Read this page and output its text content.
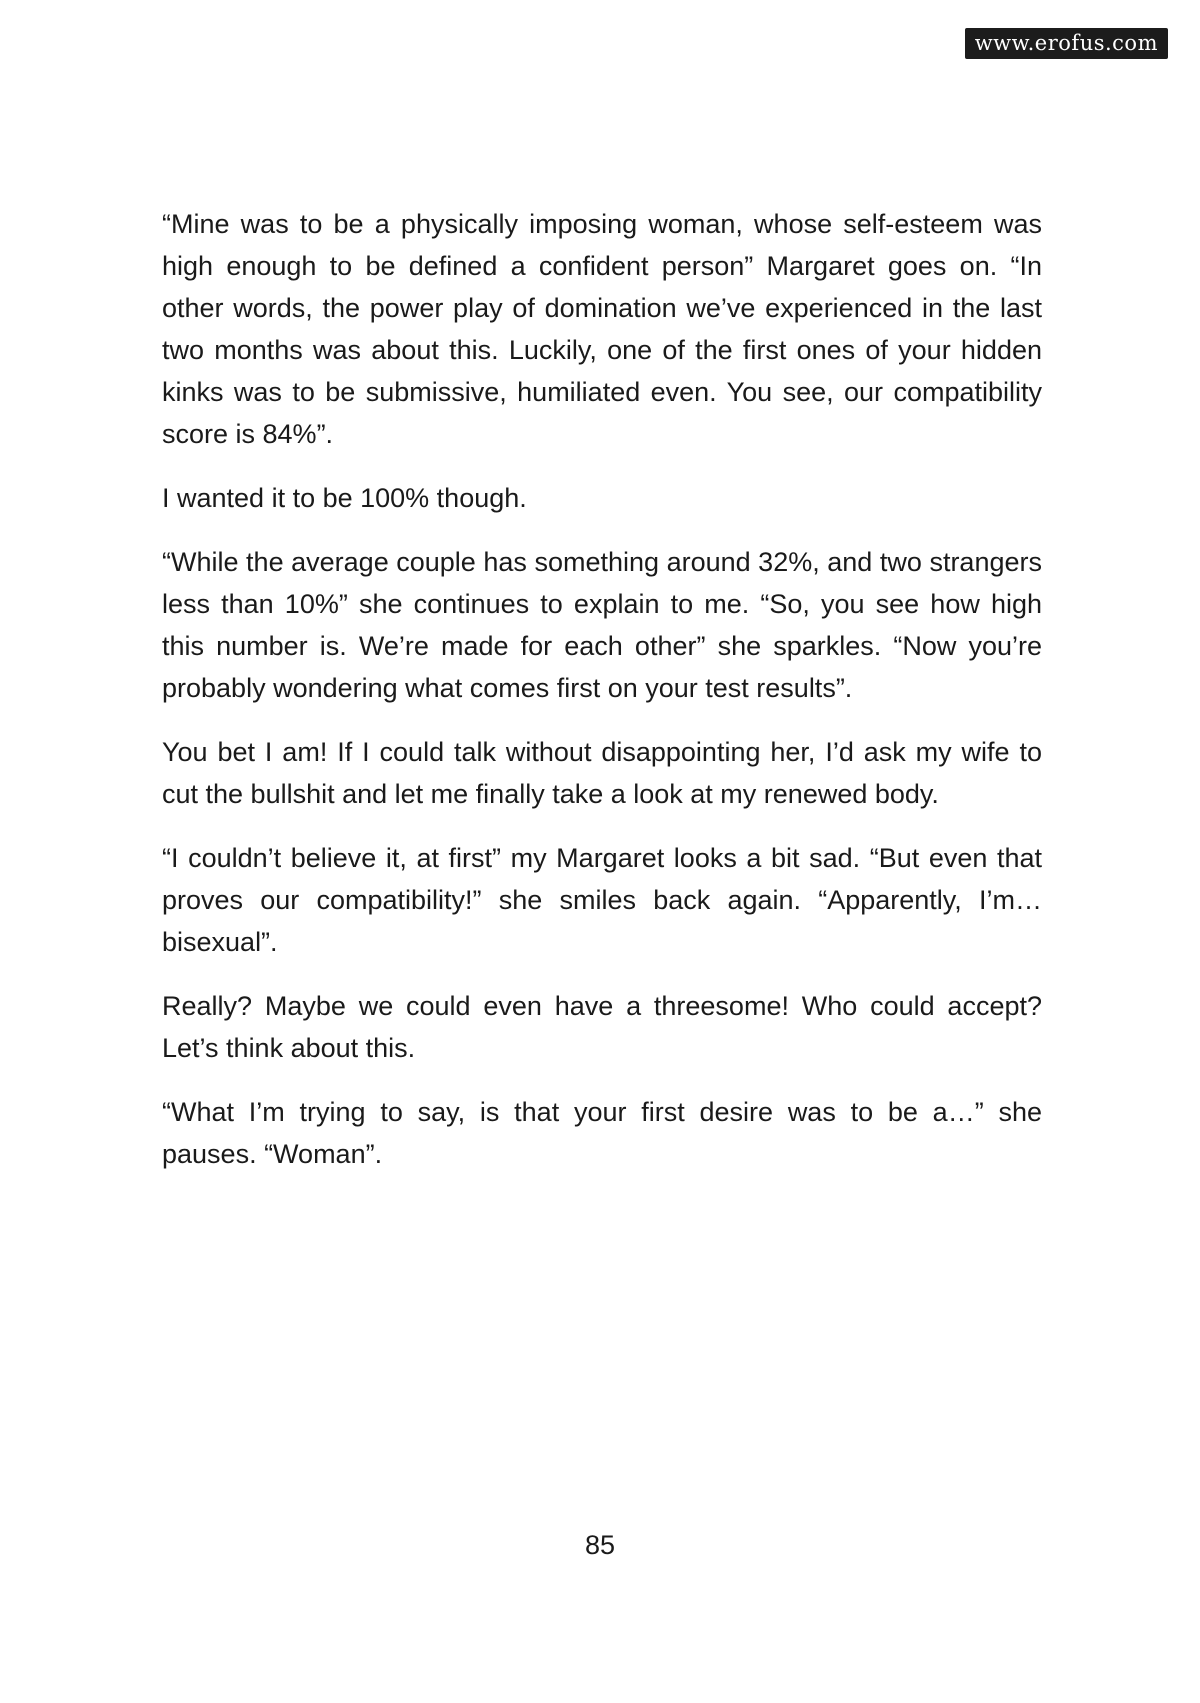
www.erofus.com

“Mine was to be a physically imposing woman, whose self-esteem was high enough to be defined a confident person” Margaret goes on. “In other words, the power play of domination we’ve experienced in the last two months was about this. Luckily, one of the first ones of your hidden kinks was to be submissive, humiliated even. You see, our compatibility score is 84%”.

I wanted it to be 100% though.

“While the average couple has something around 32%, and two strangers less than 10%” she continues to explain to me. “So, you see how high this number is. We’re made for each other” she sparkles. “Now you’re probably wondering what comes first on your test results”.

You bet I am! If I could talk without disappointing her, I’d ask my wife to cut the bullshit and let me finally take a look at my renewed body.

“I couldn’t believe it, at first” my Margaret looks a bit sad. “But even that proves our compatibility!” she smiles back again. “Apparently, I’m… bisexual”.

Really? Maybe we could even have a threesome! Who could accept? Let’s think about this.

“What I’m trying to say, is that your first desire was to be a…” she pauses. “Woman”.

85
